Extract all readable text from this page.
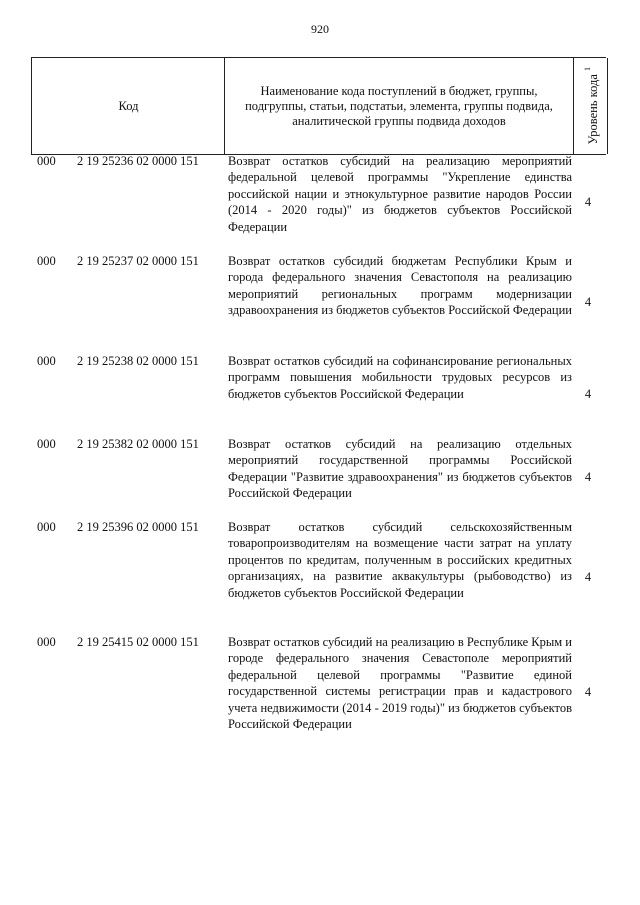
920
Код
Наименование кода поступлений в бюджет, группы, подгруппы, статьи, подстатьи, элемента, группы подвида, аналитической группы подвида доходов	Уровень кода $^1$
000 2 19 25236 02 0000 151 Возврат остатков субсидий на реализацию мероприятий федеральной целевой программы "Укрепление единства российской нации и этнокультурное развитие народов России (2014 - 2020 годы)" из бюджетов субъектов Российской Федерации
4
000 2 19 25237 02 0000 151 Возврат остатков субсидий бюджетам Республики Крым и города федерального значения Севастополя на реализацию мероприятий региональных программ модернизации здравоохранения из бюджетов субъектов Российской Федерации
4
000 2 19 25238 02 0000 151 Возврат остатков субсидий на софинансирование региональных программ повышения мобильности трудовых ресурсов из бюджетов субъектов Российской Федерации	4
000 2 19 25382 02 0000 151 Возврат остатков субсидий на реализацию отдельных мероприятий государственной программы Российской Федерации "Развитие здравоохранения" из бюджетов субъектов Российской Федерации
4
000 2 19 25396 02 0000 151 Возврат остатков субсидий сельскохозяйственным товаропроизводителям на возмещение части затрат на уплату процентов по кредитам, полученным в российских кредитных организациях, на развитие аквакультуры (рыбоводство) из бюджетов субъектов Российской Федерации
4
000 2 19 25415 02 0000 151 Возврат остатков субсидий на реализацию в Республике Крым и городе федерального значения Севастополе мероприятий федеральной целевой программы "Развитие единой государственной системы регистрации прав и кадастрового учета недвижимости (2014 - 2019 годы)" из бюджетов субъектов Российской Федерации
4
